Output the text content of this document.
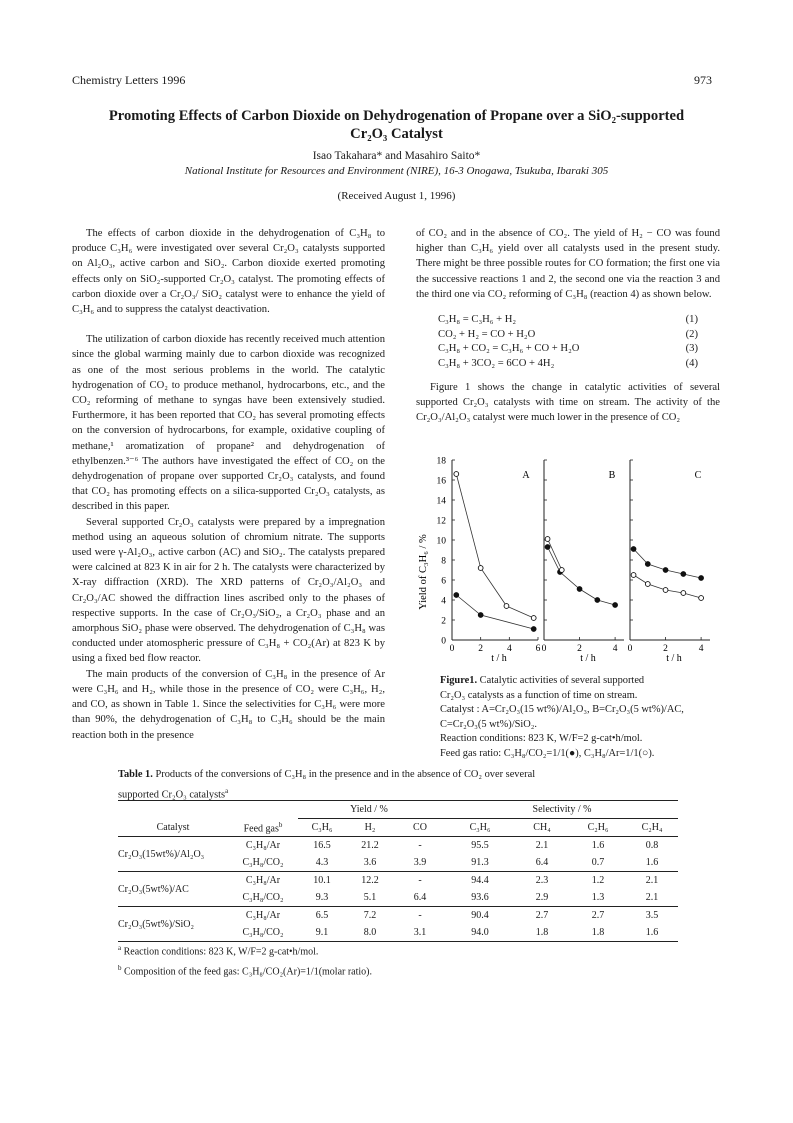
Chemistry Letters 1996	973
Promoting Effects of Carbon Dioxide on Dehydrogenation of Propane over a SiO₂-supported
Cr₂O₃ Catalyst
Isao Takahara* and Masahiro Saito*
National Institute for Resources and Environment (NIRE), 16-3 Onogawa, Tsukuba, Ibaraki 305
(Received August 1, 1996)

The effects of carbon dioxide in the dehydrogenation of C₃H₈ to produce C₃H₆ were investigated over several Cr₂O₃ catalysts supported on Al₂O₃, active carbon and SiO₂. Carbon dioxide exerted promoting effects only on SiO₂-supported Cr₂O₃ catalyst. The promoting effects of carbon dioxide over a Cr₂O₃/ SiO₂ catalyst were to enhance the yield of C₃H₆ and to suppress the catalyst deactivation.

The utilization of carbon dioxide has recently received much attention since the global warming mainly due to carbon dioxide was recognized as one of the most serious problems in the world. The catalytic hydrogenation of CO₂ to produce methanol, hydrocarbons, etc., and the CO₂ reforming of methane to syngas have been extensively studied. Furthermore, it has been reported that CO₂ has several promoting effects on the conversion of hydrocarbons, for example, oxidative coupling of methane,¹ aromatization of propane² and dehydrogenation of ethylbenzen.³⁻⁶ The authors have investigated the effect of CO₂ on the dehydrogenation of propane over supported Cr₂O₃ catalysts, and found that CO₂ has promoting effects on a silica-supported Cr₂O₃ catalysts, as described in this paper.

Several supported Cr₂O₃ catalysts were prepared by a impregnation method using an aqueous solution of chromium nitrate. The supports used were γ-Al₂O₃, active carbon (AC) and SiO₂. The catalysts prepared were calcined at 823 K in air for 2 h. The catalysts were characterized by X-ray diffraction (XRD). The XRD patterns of Cr₂O₃/Al₂O₃ and Cr₂O₃/AC showed the diffraction lines ascribed only to the phases of respective supports. In the case of Cr₂O₃/SiO₂, a Cr₂O₃ phase and an amorphous SiO₂ phase were observed. The dehydrogenation of C₃H₈ was conducted under atomospheric pressure of C₃H₈ + CO₂(Ar) at 823 K by using a fixed bed flow reactor.

The main products of the conversion of C₃H₈ in the presence of Ar were C₃H₆ and H₂, while those in the presence of CO₂ were C₃H₆, H₂, and CO, as shown in Table 1. Since the selectivities for C₃H₆ were more than 90%, the dehydrogenation of C₃H₈ to C₃H₆ should be the main reaction both in the presence

of CO₂ and in the absence of CO₂. The yield of H₂ − CO was found higher than C₃H₆ yield over all catalysts used in the present study. There might be three possible routes for CO formation; the first one via the successive reactions 1 and 2, the second one via the reaction 3 and the third one via CO₂ reforming of C₃H₈ (reaction 4) as shown below.

C₃H₈ = C₃H₆ + H₂	(1)
CO₂ + H₂ = CO + H₂O	(2)
C₃H₈ + CO₂ = C₃H₆ + CO + H₂O	(3)
C₃H₈ + 3CO₂ = 6CO + 4H₂	(4)

Figure 1 shows the change in catalytic activities of several supported Cr₂O₃ catalysts with time on stream. The activity of the Cr₂O₃/Al₂O₃ catalyst were much lower in the presence of CO₂

Yield of C₃H₆ / %
0
2
4
6
8
10
12
14
16
18
0	2	4	6
t / h
A
0	2	4
t / h
B
0	2	4
t / h
C
Figure1. Catalytic activities of several supported
Cr₂O₃ catalysts as a function of time on stream.
Catalyst : A=Cr₂O₃(15 wt%)/Al₂O₃, B=Cr₂O₃(5 wt%)/AC,
C=Cr₂O₃(5 wt%)/SiO₂.
Reaction conditions: 823 K, W/F=2 g-cat•h/mol.
Feed gas ratio: C₃H₈/CO₂=1/1(●), C₃H₈/Ar=1/1(○).
Table 1. Products of the conversions of C₃H₈ in the presence and in the absence of CO₂ over several
supported Cr₂O₃ catalysts$^a$
		Yield / %			Selectivity / %			
Catalyst	Feed gas$^b$	C₃H₆	H₂	CO	C₃H₆	CH₄	C₂H₆	C₂H₄
Cr₂O₃(15wt%)/Al₂O₃	C₃H₈/Ar	16.5	21.2	-	95.5	2.1	1.6	0.8
	C₃H₈/CO₂	4.3	3.6	3.9	91.3	6.4	0.7	1.6
Cr₂O₃(5wt%)/AC	C₃H₈/Ar	10.1	12.2	-	94.4	2.3	1.2	2.1
	C₃H₈/CO₂	9.3	5.1	6.4	93.6	2.9	1.3	2.1
Cr₂O₃(5wt%)/SiO₂	C₃H₈/Ar	6.5	7.2	-	90.4	2.7	2.7	3.5
	C₃H₈/CO₂	9.1	8.0	3.1	94.0	1.8	1.8	1.6
$^a$ Reaction conditions: 823 K, W/F=2 g-cat•h/mol.
$^b$ Composition of the feed gas: C₃H₈/CO₂(Ar)=1/1(molar ratio).
